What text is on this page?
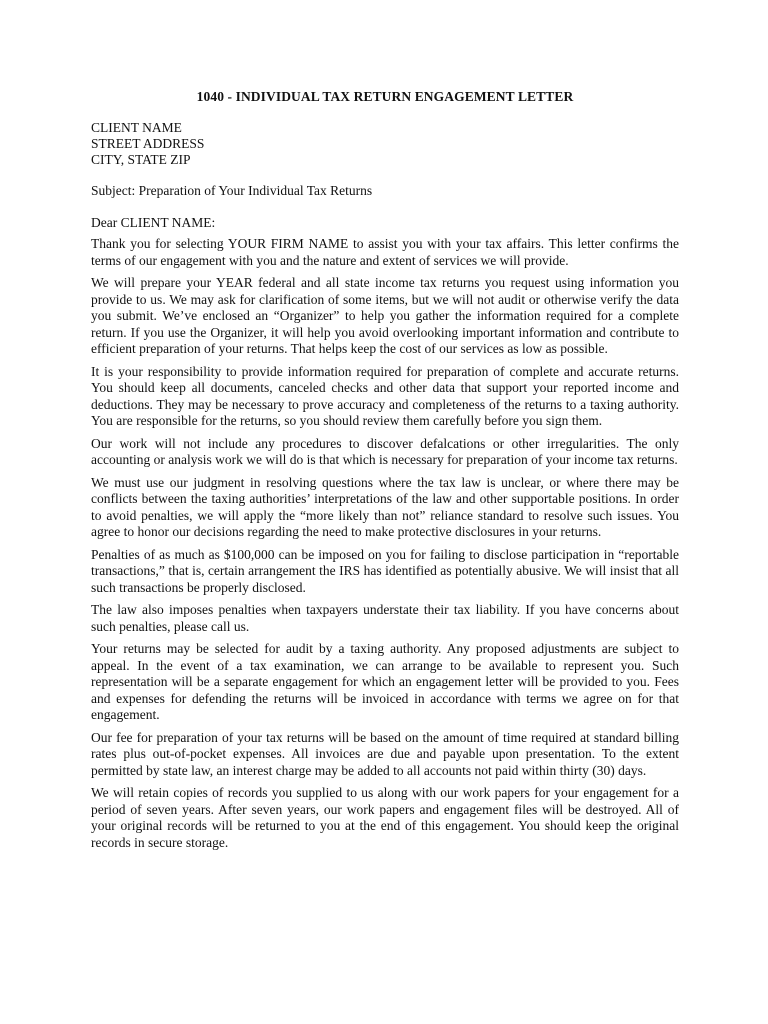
1040 - INDIVIDUAL TAX RETURN ENGAGEMENT LETTER
CLIENT NAME
STREET ADDRESS
CITY, STATE ZIP
Subject: Preparation of Your Individual Tax Returns
Dear CLIENT NAME:

Thank you for selecting YOUR FIRM NAME to assist you with your tax affairs. This letter confirms the terms of our engagement with you and the nature and extent of services we will provide.

We will prepare your YEAR federal and all state income tax returns you request using information you provide to us. We may ask for clarification of some items, but we will not audit or otherwise verify the data you submit. We’ve enclosed an “Organizer” to help you gather the information required for a complete return. If you use the Organizer, it will help you avoid overlooking important information and contribute to efficient preparation of your returns. That helps keep the cost of our services as low as possible.

It is your responsibility to provide information required for preparation of complete and accurate returns. You should keep all documents, canceled checks and other data that support your reported income and deductions. They may be necessary to prove accuracy and completeness of the returns to a taxing authority. You are responsible for the returns, so you should review them carefully before you sign them.

Our work will not include any procedures to discover defalcations or other irregularities. The only accounting or analysis work we will do is that which is necessary for preparation of your income tax returns.

We must use our judgment in resolving questions where the tax law is unclear, or where there may be conflicts between the taxing authorities’ interpretations of the law and other supportable positions. In order to avoid penalties, we will apply the “more likely than not” reliance standard to resolve such issues. You agree to honor our decisions regarding the need to make protective disclosures in your returns.

Penalties of as much as $100,000 can be imposed on you for failing to disclose participation in “reportable transactions,” that is, certain arrangement the IRS has identified as potentially abusive. We will insist that all such transactions be properly disclosed.

The law also imposes penalties when taxpayers understate their tax liability. If you have concerns about such penalties, please call us.

Your returns may be selected for audit by a taxing authority. Any proposed adjustments are subject to appeal. In the event of a tax examination, we can arrange to be available to represent you. Such representation will be a separate engagement for which an engagement letter will be provided to you. Fees and expenses for defending the returns will be invoiced in accordance with terms we agree on for that engagement.

Our fee for preparation of your tax returns will be based on the amount of time required at standard billing rates plus out-of-pocket expenses. All invoices are due and payable upon presentation. To the extent permitted by state law, an interest charge may be added to all accounts not paid within thirty (30) days.

We will retain copies of records you supplied to us along with our work papers for your engagement for a period of seven years. After seven years, our work papers and engagement files will be destroyed. All of your original records will be returned to you at the end of this engagement. You should keep the original records in secure storage.
